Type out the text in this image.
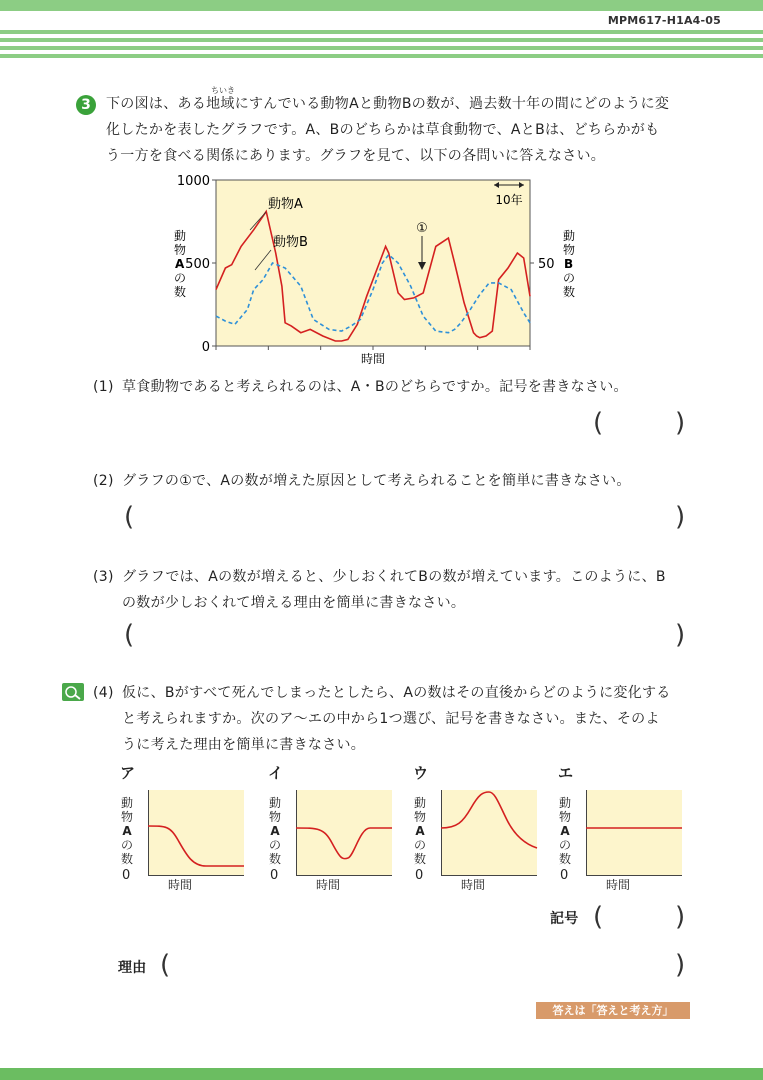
MPM617-H1A4-05
3
ちいき
下の図は、ある地域にすんでいる動物Aと動物Bの数が、過去数十年の間にどのように変
化したかを表したグラフです。A、Bのどちらかは草食動物で、AとBは、どちらかがも
う一方を食べる関係にあります。グラフを見て、以下の各問いに答えなさい。
1000
500
0
50
動
物
A
の
数
動
物
B
の
数
時間
動物A
動物B
10年
①
(1) 草食動物であると考えられるのは、A・Bのどちらですか。記号を書きなさい。
(	)
(2) グラフの①で、Aの数が増えた原因として考えられることを簡単に書きなさい。
(	)
(3) グラフでは、Aの数が増えると、少しおくれてBの数が増えています。このように、B
の数が少しおくれて増える理由を簡単に書きなさい。
(	)
(4) 仮に、Bがすべて死んでしまったとしたら、Aの数はその直後からどのように変化する
と考えられますか。次のア〜エの中から1つ選び、記号を書きなさい。また、そのよ
うに考えた理由を簡単に書きなさい。
ア
動
物
A
の
数
0
時間
イ
動
物
A
の
数
0
時間
ウ
動
物
A
の
数
0
時間
エ
動
物
A
の
数
0
時間
記号 (	)
理由 (	)
答えは「答えと考え方」
